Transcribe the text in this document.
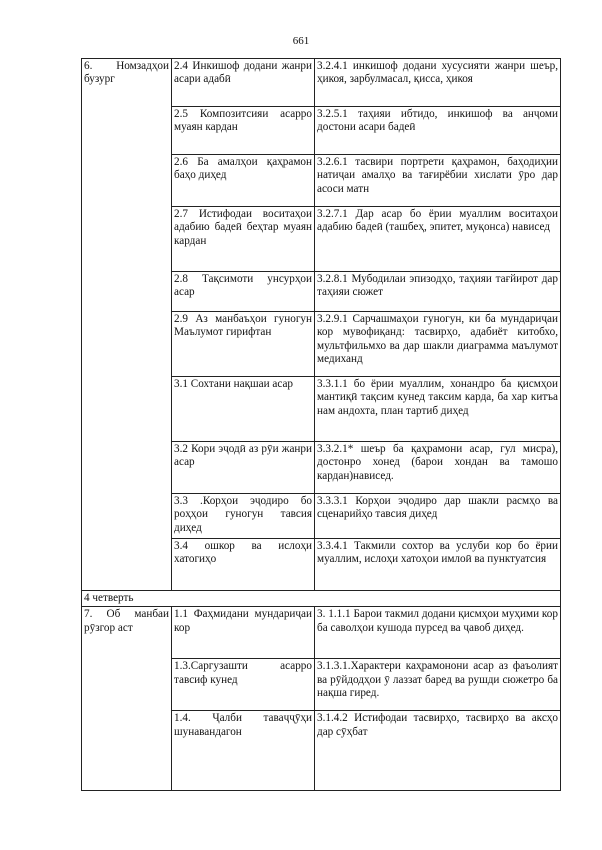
661
6. Номзадҳои бузург	2.4 Инкишоф додани жанри асари адабӣ	3.2.4.1 инкишоф додани хусусияти жанри шеър, ҳикоя, зарбулмасал, қисса, ҳикоя
	2.5 Композитсияи асарро муаян кардан	3.2.5.1 таҳияи ибтидо, инкишоф ва анҷоми достони асари бадеӣ
	2.6 Ба амалҳои қаҳрамон баҳо диҳед	3.2.6.1 тасвири портрети қаҳрамон, баҳодиҳии натиҷаи амалҳо ва тағирёбии хислати ӯро дар асоси матн
	2.7 Истифодаи воситаҳои адабию бадеӣ беҳтар муаян кардан	3.2.7.1 Дар асар бо ёрии муаллим воситаҳои адабию бадеӣ (ташбеҳ, эпитет, муқонса) нависед
	2.8 Тақсимоти унсурҳои асар	3.2.8.1 Мубодилаи эпизодҳо, таҳияи тағйирот дар таҳияи сюжет
	2.9 Аз манбаъҳои гуногун Маълумот гирифтан	3.2.9.1 Сарчашмаҳои гуногун, ки ба мундариҷаи кор мувофиқанд: тасвирҳо, адабиёт китобхо, мультфильмхо ва дар шакли диаграмма маълумот медиханд
	3.1 Сохтани нақшаи асар	3.3.1.1 бо ёрии муаллим, хонандро ба қисмҳои мантиқӣ тақсим кунед таксим карда, ба хар китъа нам андохта, план тартиб диҳед
	3.2 Кори эҷодӣ аз рӯи жанри асар	3.3.2.1* шеър ба қаҳрамони асар, гул мисра), достонро хонед (барои хондан ва тамошо кардан)нависед.
	3.3 .Корҳои эҷодиро бо роҳҳои гуногун тавсия диҳед	3.3.3.1 Корҳои эҷодиро дар шакли расмҳо ва сценарийҳо тавсия диҳед
	3.4 ошкор ва ислоҳи хатогиҳо	3.3.4.1 Такмили сохтор ва услуби кор бо ёрии муаллим, ислоҳи хатоҳои имлоӣ ва пунктуатсия
4 четверть		
7. Об манбаи рӯзгор аст	1.1 Фаҳмидани мундариҷаи кор	3. 1.1.1 Барои такмил додани қисмҳои муҳими кор ба саволҳои кушода пурсед ва ҷавоб диҳед.
	1.3.Саргузашти асарро тавсиф кунед	3.1.3.1.Характери каҳрамонони асар аз фаъолият ва рӯйдодҳои ӯ лаззат баред ва рушди сюжетро ба нақша гиред.
	1.4. Ҷалби таваҷҷӯҳи шунавандагон	3.1.4.2 Истифодаи тасвирҳо, тасвирҳо ва аксҳо дар сӯҳбат
